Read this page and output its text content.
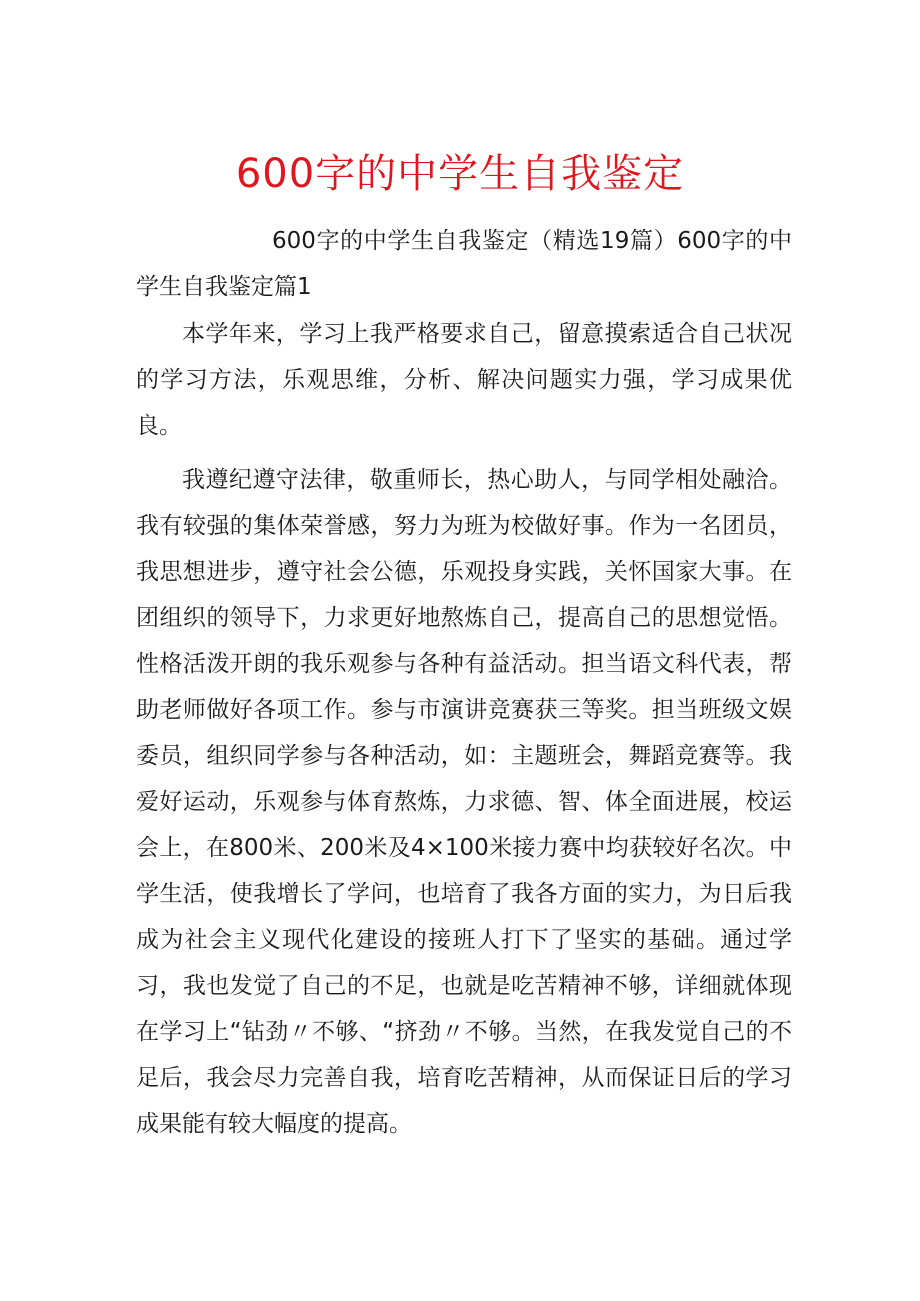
600字的中学生自我鉴定

600字的中学生自我鉴定（精选19篇）600字的中学生自我鉴定篇1

本学年来，学习上我严格要求自己，留意摸索适合自己状况的学习方法，乐观思维，分析、解决问题实力强，学习成果优良。

我遵纪遵守法律，敬重师长，热心助人，与同学相处融洽。我有较强的集体荣誉感，努力为班为校做好事。作为一名团员，我思想进步，遵守社会公德，乐观投身实践，关怀国家大事。在团组织的领导下，力求更好地熬炼自己，提高自己的思想觉悟。性格活泼开朗的我乐观参与各种有益活动。担当语文科代表，帮助老师做好各项工作。参与市演讲竞赛获三等奖。担当班级文娱委员，组织同学参与各种活动，如：主题班会，舞蹈竞赛等。我爱好运动，乐观参与体育熬炼，力求德、智、体全面进展，校运会上，在800米、200米及4×100米接力赛中均获较好名次。中学生活，使我增长了学问，也培育了我各方面的实力，为日后我成为社会主义现代化建设的接班人打下了坚实的基础。通过学习，我也发觉了自己的不足，也就是吃苦精神不够，详细就体现在学习上“钻劲〃不够、“挤劲〃不够。当然，在我发觉自己的不足后，我会尽力完善自我，培育吃苦精神，从而保证日后的学习成果能有较大幅度的提高。
